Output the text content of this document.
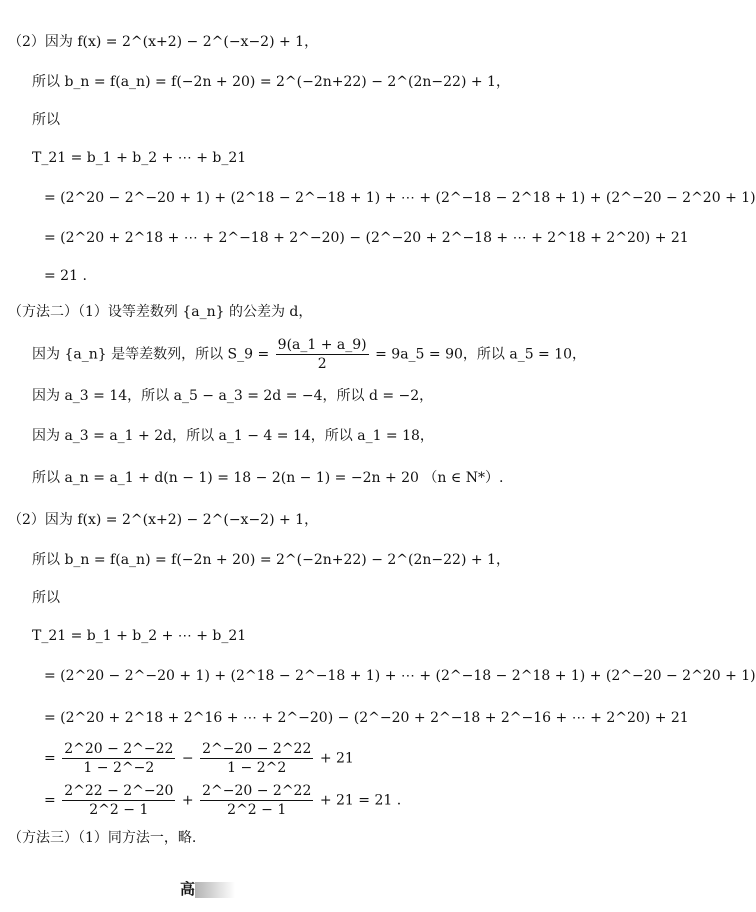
（2）因为 f(x) = 2^(x+2) − 2^(−x−2) + 1，
所以 b_n = f(a_n) = f(−2n + 20) = 2^(−2n+22) − 2^(2n−22) + 1，
所以
T_21 = b_1 + b_2 + ⋯ + b_21
= (2^20 − 2^−20 + 1) + (2^18 − 2^−18 + 1) + ⋯ + (2^−18 − 2^18 + 1) + (2^−20 − 2^20 + 1)
= (2^20 + 2^18 + ⋯ + 2^−18 + 2^−20) − (2^−20 + 2^−18 + ⋯ + 2^18 + 2^20) + 21
= 21 .
（方法二）（1）设等差数列 {a_n} 的公差为 d，
因为 {a_n} 是等差数列，所以 S_9 = $\frac{9(a\_1 + a\_9)}{2}$ = 9a_5 = 90，所以 a_5 = 10，
因为 a_3 = 14，所以 a_5 − a_3 = 2d = −4，所以 d = −2，
因为 a_3 = a_1 + 2d，所以 a_1 − 4 = 14，所以 a_1 = 18，
所以 a_n = a_1 + d(n − 1) = 18 − 2(n − 1) = −2n + 20 （n ∈ N*）.
（2）因为 f(x) = 2^(x+2) − 2^(−x−2) + 1，
所以 b_n = f(a_n) = f(−2n + 20) = 2^(−2n+22) − 2^(2n−22) + 1，
所以
T_21 = b_1 + b_2 + ⋯ + b_21
= (2^20 − 2^−20 + 1) + (2^18 − 2^−18 + 1) + ⋯ + (2^−18 − 2^18 + 1) + (2^−20 − 2^20 + 1)
= (2^20 + 2^18 + 2^16 + ⋯ + 2^−20) − (2^−20 + 2^−18 + 2^−16 + ⋯ + 2^20) + 21
= $\frac{2\^{}20 - 2\^{}-22}{1 - 2\^{}-2} - \frac{2\^{}-20 - 2\^{}22}{1 - 2\^{}2} + 21$
= $\frac{2\^{}22 - 2\^{}-20}{2\^{}2 - 1} + \frac{2\^{}-20 - 2\^{}22}{2\^{}2 - 1} + 21 = 21$ .
（方法三）（1）同方法一，略.
高
